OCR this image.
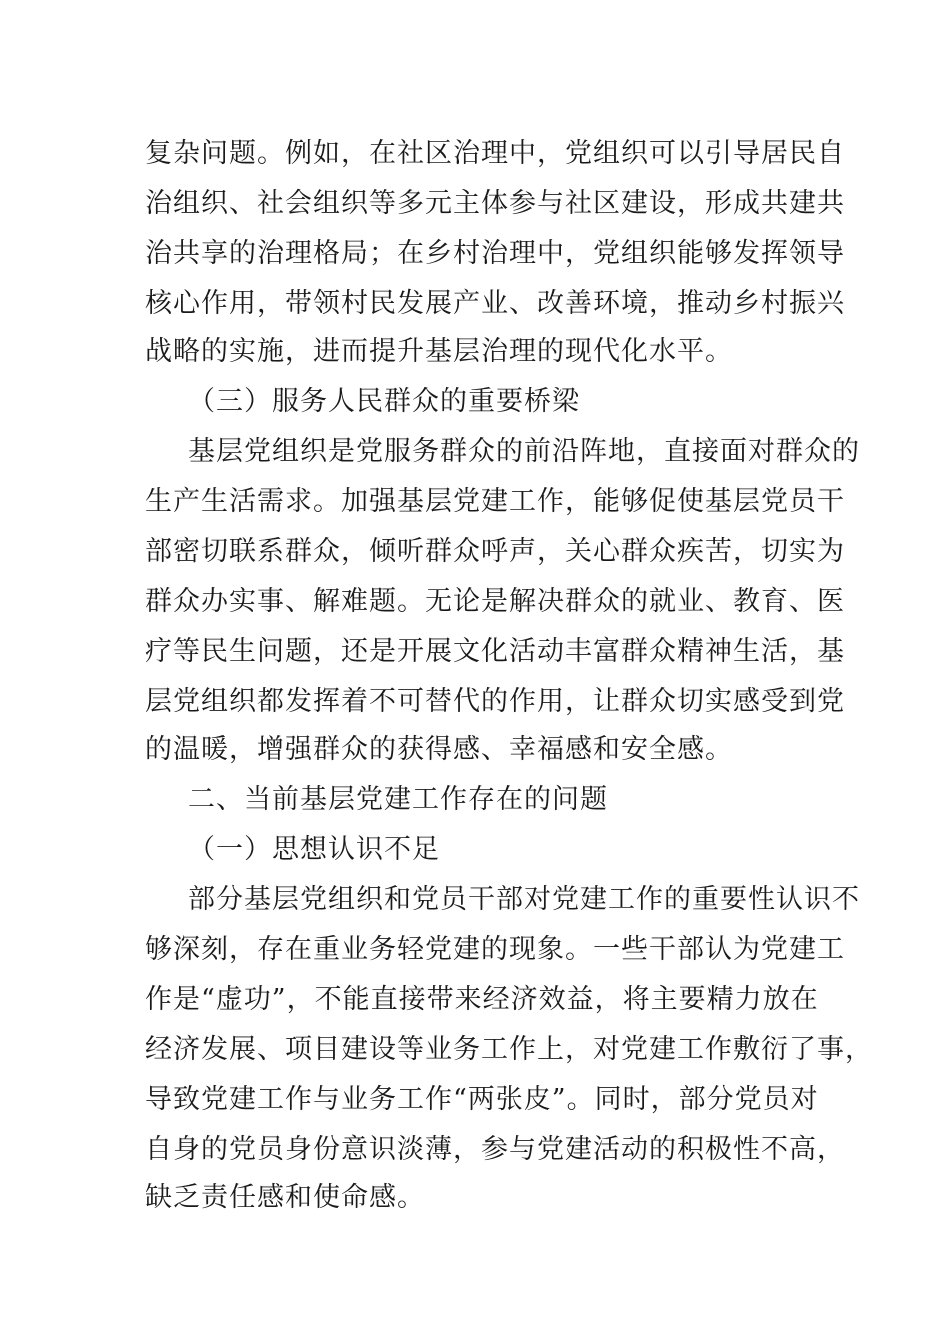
复杂问题。例如，在社区治理中，党组织可以引导居民自
治组织、社会组织等多元主体参与社区建设，形成共建共
治共享的治理格局；在乡村治理中，党组织能够发挥领导
核心作用，带领村民发展产业、改善环境，推动乡村振兴
战略的实施，进而提升基层治理的现代化水平。
（三）服务人民群众的重要桥梁
基层党组织是党服务群众的前沿阵地，直接面对群众的
生产生活需求。加强基层党建工作，能够促使基层党员干
部密切联系群众，倾听群众呼声，关心群众疾苦，切实为
群众办实事、解难题。无论是解决群众的就业、教育、医
疗等民生问题，还是开展文化活动丰富群众精神生活，基
层党组织都发挥着不可替代的作用，让群众切实感受到党
的温暖，增强群众的获得感、幸福感和安全感。
二、当前基层党建工作存在的问题
（一）思想认识不足
部分基层党组织和党员干部对党建工作的重要性认识不
够深刻，存在重业务轻党建的现象。一些干部认为党建工
作是“虚功”，不能直接带来经济效益，将主要精力放在
经济发展、项目建设等业务工作上，对党建工作敷衍了事，
导致党建工作与业务工作“两张皮”。同时，部分党员对
自身的党员身份意识淡薄，参与党建活动的积极性不高，
缺乏责任感和使命感。
